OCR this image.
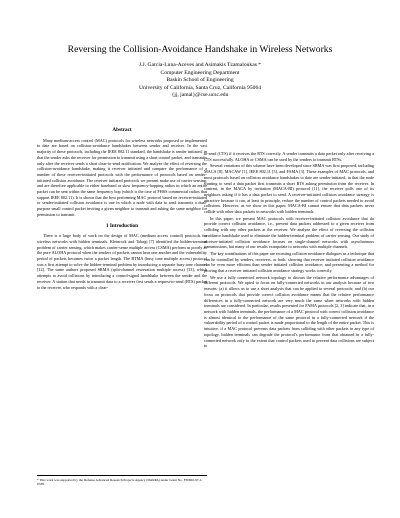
Reversing the Collision-Avoidance Handshake in Wireless Networks
J.J. Garcia-Luna-Aceves and Asimakis Tzamaloukas *
Computer Engineering Department
Baskin School of Engineering
University of California, Santa Cruz, California 95064
{jj, jamal}@cse.ucsc.edu
Abstract

Many medium-access control (MAC) protocols for wireless networks proposed or implemented to date are based on collision-avoidance handshakes between sender and receiver. In the vast majority of these protocols, including the IEEE 802.11 standard, the handshake is sender initiated, in that the sender asks the receiver for permission to transmit using a short control packet, and transmits only after the receiver sends a short clear-to-send notification. We analyze the effect of reversing the collision-avoidance handshake, making it receiver initiated and compare the performance of a number of these receiver-initiated protocols with the performance of protocols based on sender-initiated collision avoidance. The receiver initiated protocols we present make use of carrier sensing, and are therefore applicable to either baseband or slow frequency-hopping radios in which an entire packet can be sent within the same frequency hop (which is the case of FHSS commercial radios that support IEEE 802.11). It is shown that the best performing MAC protocol based on receiver-initiated or sender-initiated collision avoidance is one in which a node with data to send transmits a dual-purpose small control packet inviting a given neighbor to transmit and asking the same neighbor for permission to transmit.

1 Introduction

There is a large body of work on the design of MAC (medium access control) protocols for wireless networks with hidden terminals. Kleinrock and Tobagi [7] identified the hidden-terminal problem of carrier sensing, which makes carrier-sense multiple access (CSMA) perform as poorly as the pure ALOHA protocol when the senders of packets cannot hear one another and the vulnerability period of packets becomes twice a packet length. The BTMA (busy tone multiple access) protocol was a first attempt to solve the hidden-terminal problem by introducing a separate busy tone channel [12]. The same authors proposed SRMA (split-channel reservation multiple access) [13], which attempts to avoid collisions by introducing a control-signal handshake between the sender and the receiver. A station that needs to transmit data to a receiver first sends a request-to-send (RTS) packet to the receiver, who responds with a clear-

* This work was supported by the Defense Advanced Research Projects Agency (DARPA) under Grant No. F30602-97-2-0338.

to-send (CTS) if it receives the RTS correctly. A sender transmits a data packet only after receiving a CTS successfully. ALOHA or CSMA can be used by the senders to transmit RTSs.

Several variations of this scheme have been developed since SRMA was first proposed, including MACA [8], MACAW [1], IEEE 802.11 [5], and FAMA [3]. These examples of MAC protocols, and most protocols based on collision avoidance handshakes to date are sender-initiated, in that the node wanting to send a data packet first transmits a short RTS asking permission from the receiver. In contrast, in the MACA by invitation (MACA-BI) protocol [11], the receiver polls one of its neighbors asking if it has a data packet to send. A receiver-initiated collision avoidance strategy is attractive because it can, at least in principle, reduce the number of control packets needed to avoid collisions. However, as we show in this paper, MACA-BI cannot ensure that data packets never collide with other data packets in networks with hidden terminals.

In this paper, we present MAC protocols with receiver-initiated collision avoidance that do provide correct collision avoidance, i.e., prevent data packets addressed to a given receiver from colliding with any other packets at the receiver. We analyze the effect of reversing the collision avoidance handshake used to eliminate the hidden-terminal problem of carrier sensing. Our study of receiver-initiated collision avoidance focuses on single-channel networks with asynchronous transmissions, but many of our results extrapolate to networks with multiple channels.

The key contributions of this paper are recasting collision avoidance dialogues as a technique that can be controlled by senders, receivers, or both; showing that receiver initiated collision avoidance can be even more efficient than sender initiated collision avoidance; and presenting a method for proving that a receiver initiated collision avoidance strategy works correctly.

We use a fully connected network topology to discuss the relative performance advantages of different protocols. We opted to focus on fully-connected networks in our analysis because of two reasons: (a) it allows us to use a short analysis that can be applied to several protocols; and (b) our focus on protocols that provide correct collision avoidance means that the relative performance differences in a fully-connected network are very much the same when networks with hidden terminals are considered. In particular, results presented for FAMA protocols [2, 3] indicate that, in a network with hidden terminals, the performance of a MAC protocol with correct collision avoidance is almost identical to the performance of the same protocol in a fully-connected network if the vulnerability period of a control packet is made proportional to the length of the entire packet. This is intuitive, if a MAC protocol prevents data packets from colliding with other packets in any type of topology, hidden terminals can degrade the protocol's performance from that obtained in a fully-connected network only to the extent that control packets used to prevent data collisions are subject to
